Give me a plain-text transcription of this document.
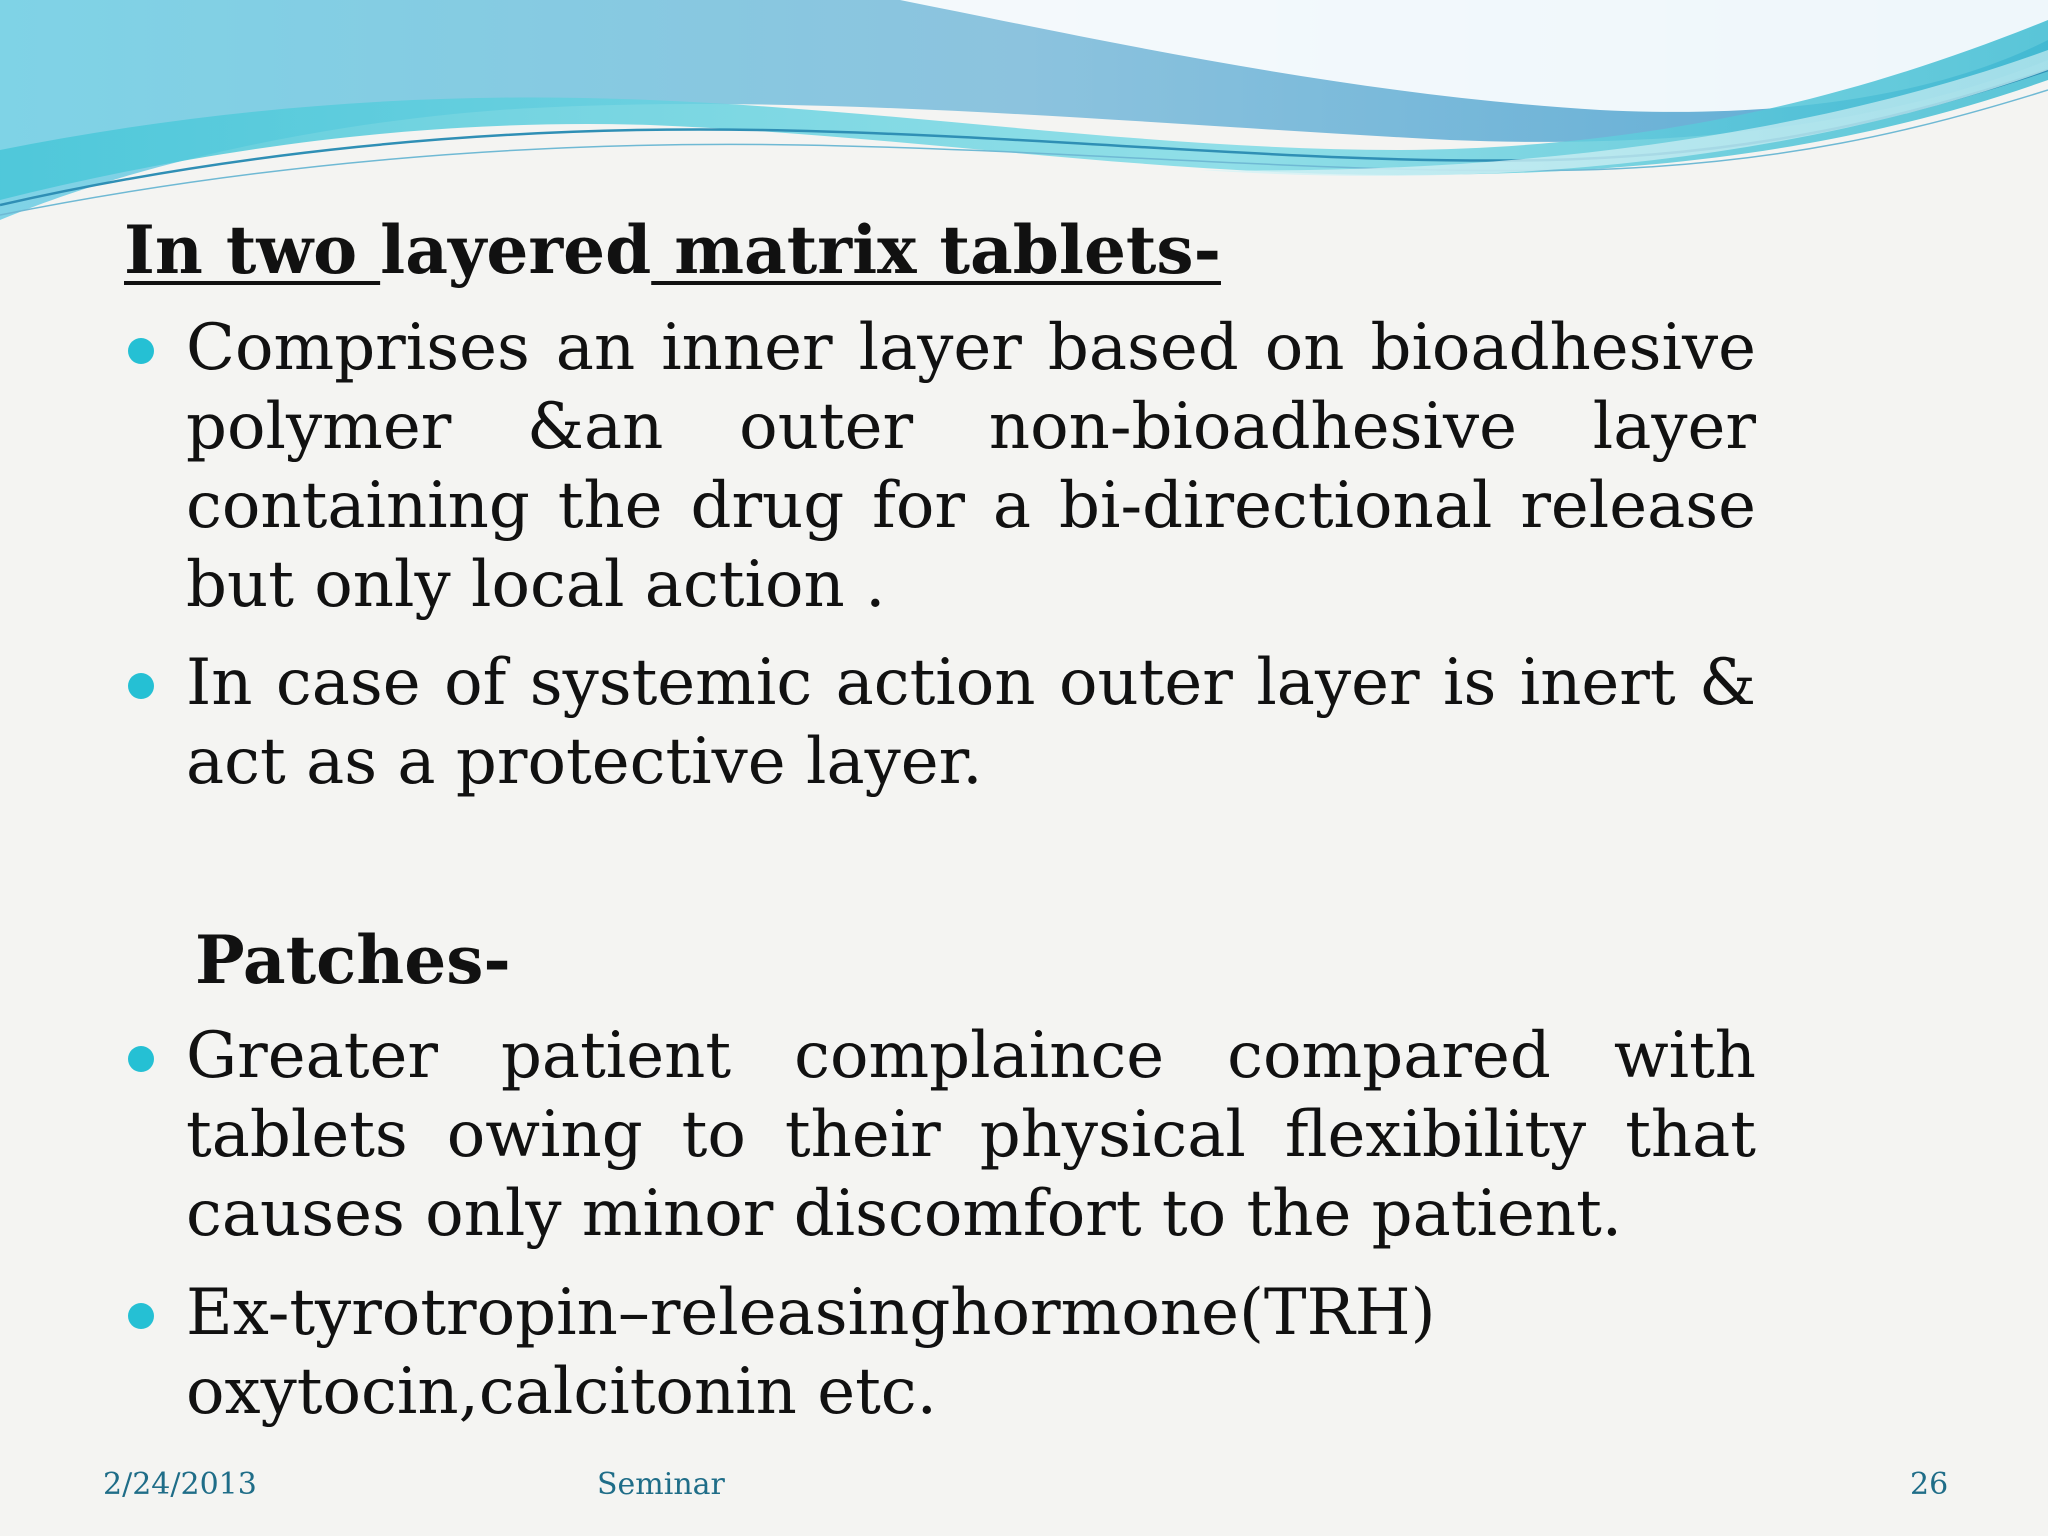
In two layered matrix tablets-
Comprises an inner layer based on bioadhesive polymer &an outer non-bioadhesive layer containing the drug for a bi-directional release but only local action .
In case of systemic action outer layer is inert & act as a protective layer.
Patches-
Greater patient complaince compared with tablets owing to their physical flexibility that causes only minor discomfort to the patient.
Ex-tyrotropin–releasinghormone(TRH) oxytocin,calcitonin etc.
2/24/2013	Seminar	26
